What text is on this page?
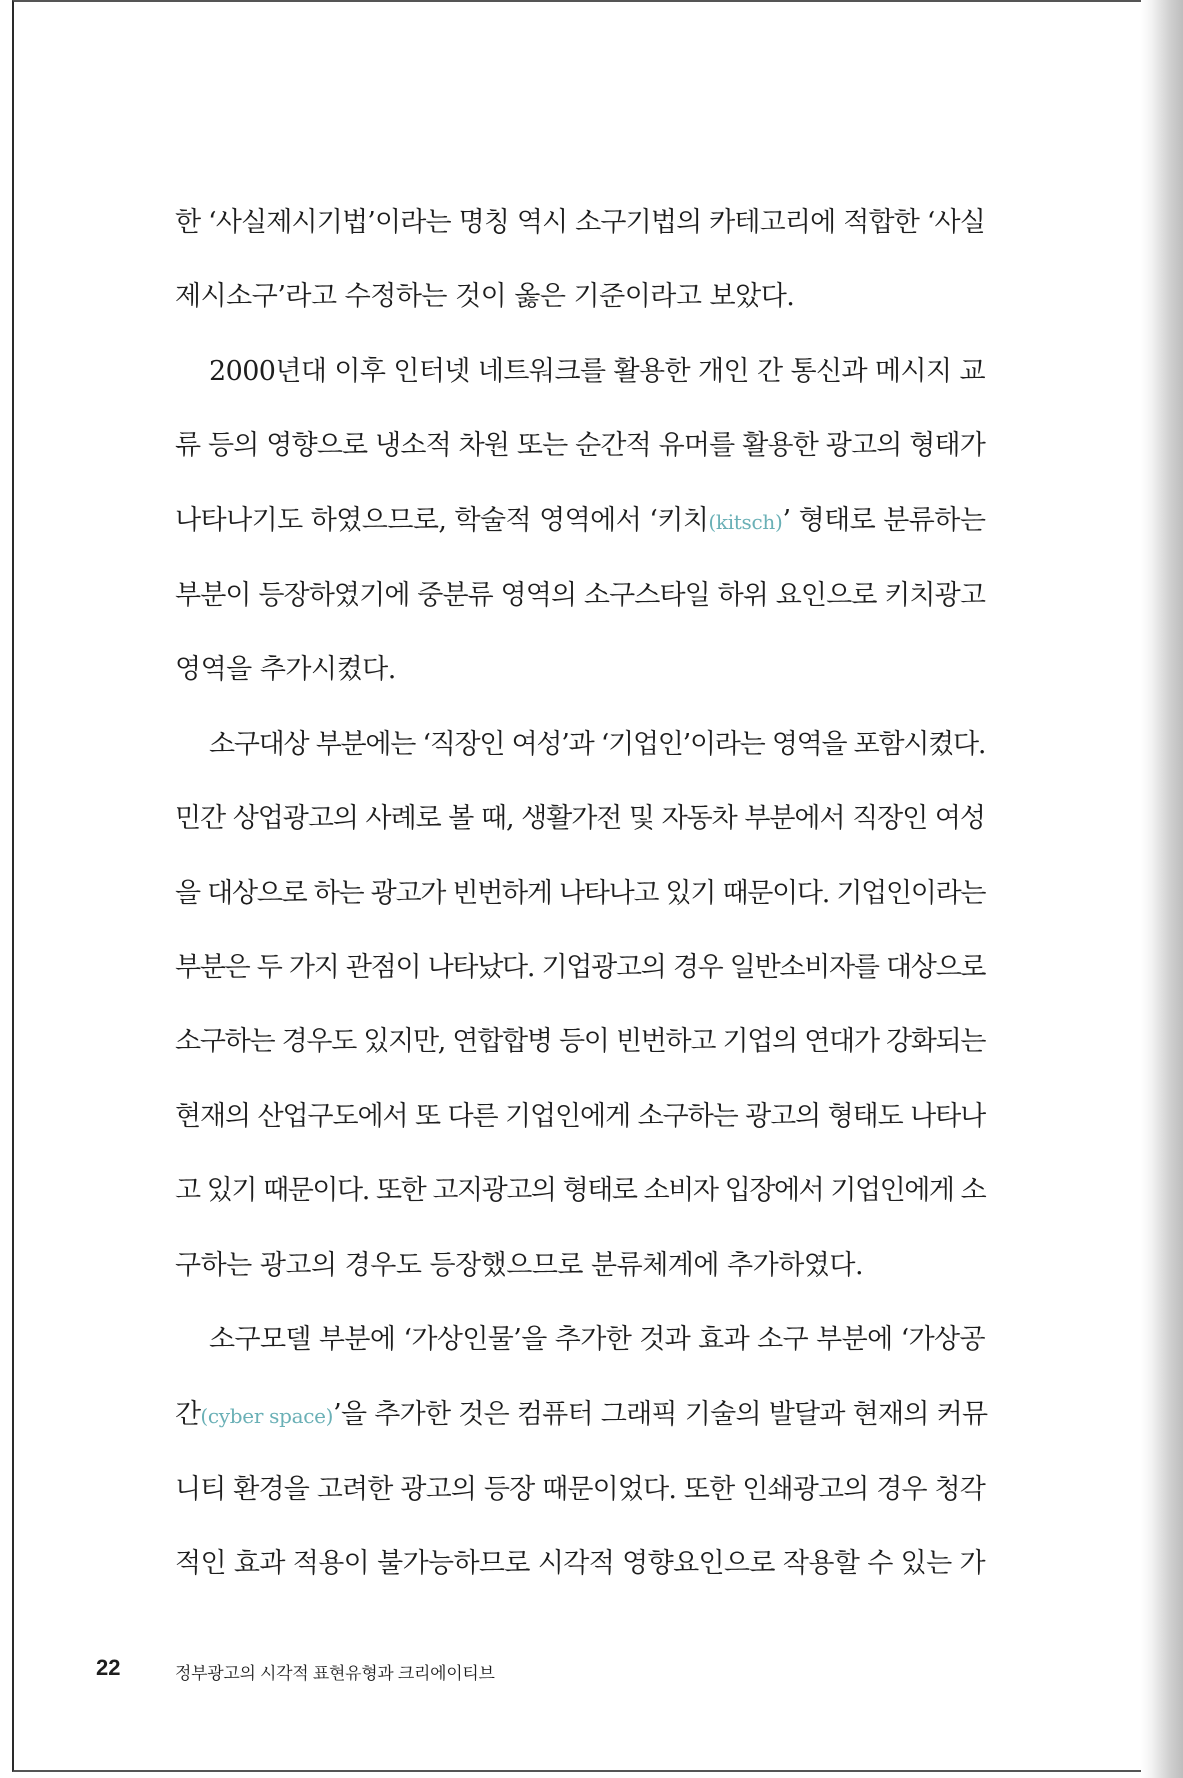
한 ‘사실제시기법’이라는 명칭 역시 소구기법의 카테고리에 적합한 ‘사실
제시소구’라고 수정하는 것이 옳은 기준이라고 보았다.
2000년대 이후 인터넷 네트워크를 활용한 개인 간 통신과 메시지 교
류 등의 영향으로 냉소적 차원 또는 순간적 유머를 활용한 광고의 형태가
나타나기도 하였으므로, 학술적 영역에서 ‘키치(kitsch)’ 형태로 분류하는
부분이 등장하였기에 중분류 영역의 소구스타일 하위 요인으로 키치광고
영역을 추가시켰다.
소구대상 부분에는 ‘직장인 여성’과 ‘기업인’이라는 영역을 포함시켰다.
민간 상업광고의 사례로 볼 때, 생활가전 및 자동차 부분에서 직장인 여성
을 대상으로 하는 광고가 빈번하게 나타나고 있기 때문이다. 기업인이라는
부분은 두 가지 관점이 나타났다. 기업광고의 경우 일반소비자를 대상으로
소구하는 경우도 있지만, 연합합병 등이 빈번하고 기업의 연대가 강화되는
현재의 산업구도에서 또 다른 기업인에게 소구하는 광고의 형태도 나타나
고 있기 때문이다. 또한 고지광고의 형태로 소비자 입장에서 기업인에게 소
구하는 광고의 경우도 등장했으므로 분류체계에 추가하였다.
소구모델 부분에 ‘가상인물’을 추가한 것과 효과 소구 부분에 ‘가상공
간(cyber space)’을 추가한 것은 컴퓨터 그래픽 기술의 발달과 현재의 커뮤
니티 환경을 고려한 광고의 등장 때문이었다. 또한 인쇄광고의 경우 청각
적인 효과 적용이 불가능하므로 시각적 영향요인으로 작용할 수 있는 가
22	정부광고의 시각적 표현유형과 크리에이티브
